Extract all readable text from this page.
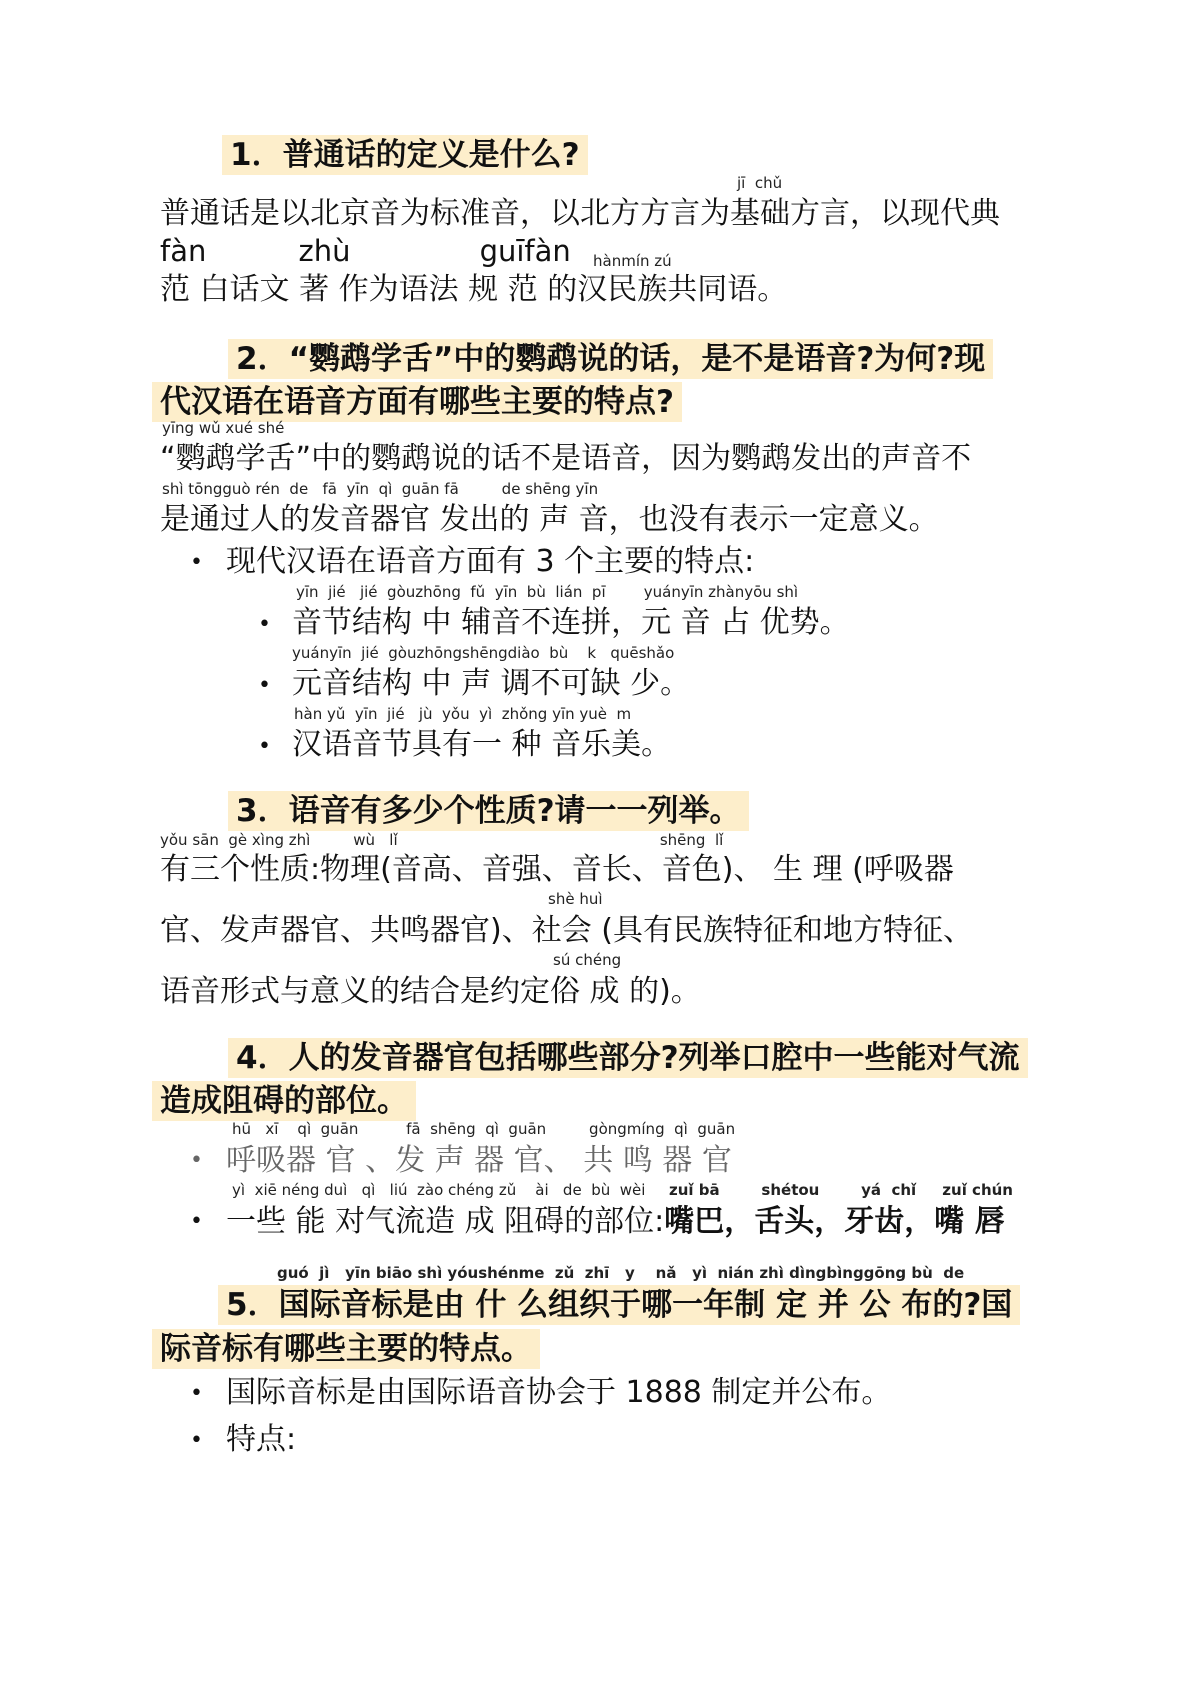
1．普通话的定义是什么?
jī  chǔ
普通话是以北京音为标准音，以北方方言为基础方言，以现代典
fàn          zhù              guīfàn hànmín zú
范 白话文 著 作为语法 规 范 的汉民族共同语。
2．“鹦鹉学舌”中的鹦鹉说的话，是不是语音?为何?现
代汉语在语音方面有哪些主要的特点?
yīng wǔ xué shé
“鹦鹉学舌”中的鹦鹉说的话不是语音，因为鹦鹉发出的声音不
shì tōngguò rén  de   fā  yīn  qì  guān fā         de shēng yīn
是通过人的发音器官 发出的 声 音，也没有表示一定意义。
• 现代汉语在语音方面有 3 个主要的特点:
yīn  jié   jié  gòuzhōng  fǔ  yīn  bù  lián  pī        yuányīn zhànyōu shì
• 音节结构 中 辅音不连拼，元 音 占 优势。
yuányīn  jié  gòuzhōngshēngdiào  bù    k   quēshǎo
• 元音结构 中 声 调不可缺 少。
hàn yǔ  yīn  jié   jù  yǒu  yì  zhǒng yīn yuè  m
• 汉语音节具有一 种 音乐美。
3．语音有多少个性质?请一一列举。
yǒu sān  gè xìng zhì         wù   lǐ                                                       shēng  lǐ
有三个性质:物理(音高、音强、音长、音色)、 生 理 (呼吸器
shè huì
官、发声器官、共鸣器官)、社会 (具有民族特征和地方特征、
sú chéng
语音形式与意义的结合是约定俗 成 的)。
4．人的发音器官包括哪些部分?列举口腔中一些能对气流
造成阻碍的部位。
hū   xī    qì  guān          fā  shēng  qì  guān         gòngmíng  qì  guān
• 呼吸器 官 、发 声 器 官、 共 鸣 器 官
yì  xiē néng duì   qì   liú  zào chéng zǔ    ài   de  bù  wèi zuǐ bā        shétou        yá  chǐ     zuǐ chún
• 一些 能 对气流造 成 阻碍的部位:嘴巴，舌头，牙齿，嘴 唇
guó  jì   yīn biāo shì yóushénme  zǔ  zhī   y    nǎ   yì  nián zhì dìngbìnggōng bù  de
5．国际音标是由 什 么组织于哪一年制 定 并 公 布的?国
际音标有哪些主要的特点。
• 国际音标是由国际语音协会于 1888 制定并公布。
• 特点:
